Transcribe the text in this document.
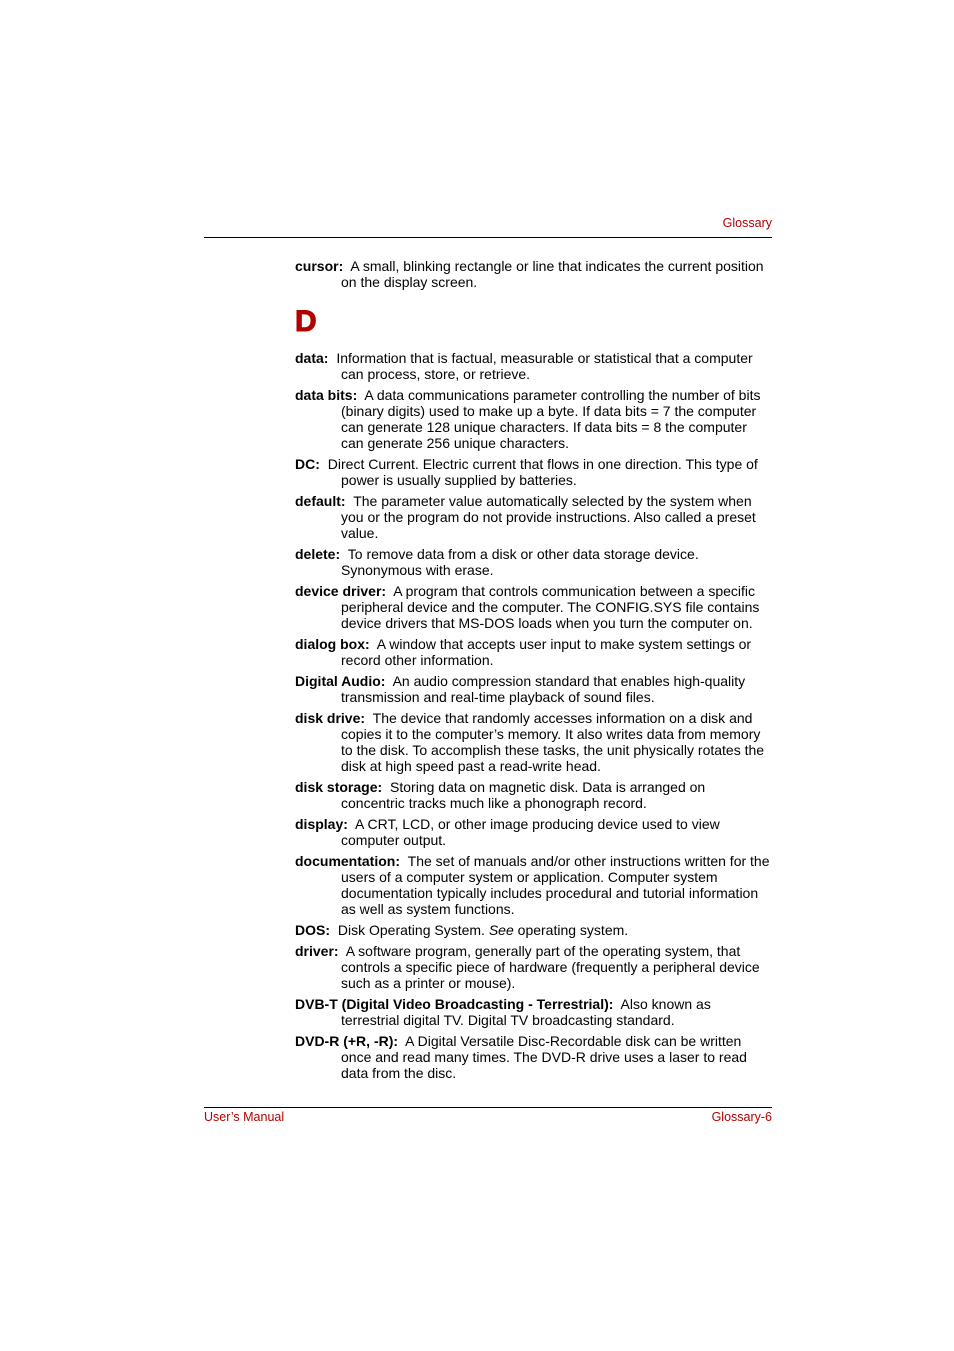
Glossary

cursor: A small, blinking rectangle or line that indicates the current position on the display screen.

D

data: Information that is factual, measurable or statistical that a computer can process, store, or retrieve.

data bits: A data communications parameter controlling the number of bits (binary digits) used to make up a byte. If data bits = 7 the computer can generate 128 unique characters. If data bits = 8 the computer can generate 256 unique characters.

DC: Direct Current. Electric current that flows in one direction. This type of power is usually supplied by batteries.

default: The parameter value automatically selected by the system when you or the program do not provide instructions. Also called a preset value.

delete: To remove data from a disk or other data storage device. Synonymous with erase.

device driver: A program that controls communication between a specific peripheral device and the computer. The CONFIG.SYS file contains device drivers that MS-DOS loads when you turn the computer on.

dialog box: A window that accepts user input to make system settings or record other information.

Digital Audio: An audio compression standard that enables high-quality transmission and real-time playback of sound files.

disk drive: The device that randomly accesses information on a disk and copies it to the computer’s memory. It also writes data from memory to the disk. To accomplish these tasks, the unit physically rotates the disk at high speed past a read-write head.

disk storage: Storing data on magnetic disk. Data is arranged on concentric tracks much like a phonograph record.

display: A CRT, LCD, or other image producing device used to view computer output.

documentation: The set of manuals and/or other instructions written for the users of a computer system or application. Computer system documentation typically includes procedural and tutorial information as well as system functions.

DOS: Disk Operating System. See operating system.

driver: A software program, generally part of the operating system, that controls a specific piece of hardware (frequently a peripheral device such as a printer or mouse).

DVB-T (Digital Video Broadcasting - Terrestrial): Also known as terrestrial digital TV. Digital TV broadcasting standard.

DVD-R (+R, -R): A Digital Versatile Disc-Recordable disk can be written once and read many times. The DVD-R drive uses a laser to read data from the disc.

User’s Manual	Glossary-6
